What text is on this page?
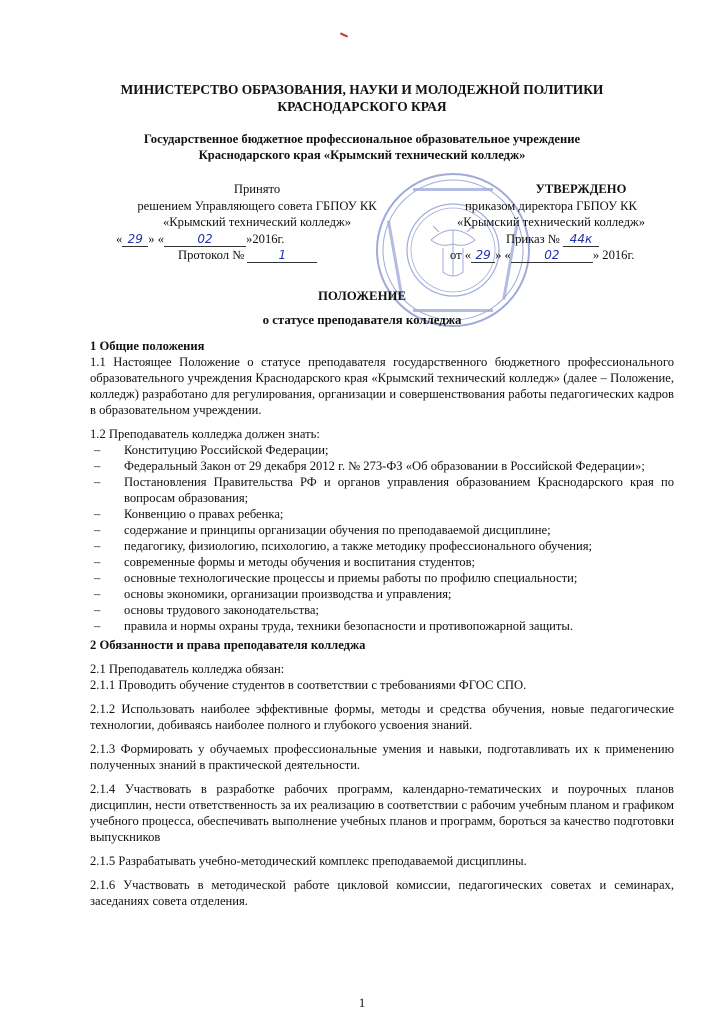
МИНИСТЕРСТВО ОБРАЗОВАНИЯ, НАУКИ И МОЛОДЕЖНОЙ ПОЛИТИКИ
КРАСНОДАРСКОГО КРАЯ
Государственное бюджетное профессиональное образовательное учреждение
Краснодарского края «Крымский технический колледж»
Принято
решением Управляющего совета ГБПОУ КК
«Крымский технический колледж»
« 29 » «	02	»2016г.
Протокол №	1
УТВЕРЖДЕНО
приказом директора ГБПОУ КК
«Крымский технический колледж»
Приказ № 44к
от « 29 » «	02	» 2016г.
ПОЛОЖЕНИЕ
о статусе преподавателя колледжа

1 Общие положения

1.1 Настоящее Положение о статусе преподавателя государственного бюджетного профессионального образовательного учреждения Краснодарского края «Крымский технический колледж» (далее – Положение, колледж) разработано для регулирования, организации и совершенствования работы педагогических кадров в образовательном учреждении.

1.2 Преподаватель колледжа должен знать:

– Конституцию Российской Федерации;
– Федеральный Закон от 29 декабря 2012 г. № 273-ФЗ «Об образовании в Российской Федерации»;
– Постановления Правительства РФ и органов управления образованием Краснодарского края по вопросам образования;
– Конвенцию о правах ребенка;
– содержание и принципы организации обучения по преподаваемой дисциплине;
– педагогику, физиологию, психологию, а также методику профессионального обучения;
– современные формы и методы обучения и воспитания студентов;
– основные технологические процессы и приемы работы по профилю специальности;
– основы экономики, организации производства и управления;
– основы трудового законодательства;
– правила и нормы охраны труда, техники безопасности и противопожарной защиты.

2 Обязанности и права преподавателя колледжа

2.1 Преподаватель колледжа обязан:

2.1.1 Проводить обучение студентов в соответствии с требованиями ФГОС СПО.

2.1.2 Использовать наиболее эффективные формы, методы и средства обучения, новые педагогические технологии, добиваясь наиболее полного и глубокого усвоения знаний.

2.1.3 Формировать у обучаемых профессиональные умения и навыки, подготавливать их к применению полученных знаний в практической деятельности.

2.1.4 Участвовать в разработке рабочих программ, календарно-тематических и поурочных планов дисциплин, нести ответственность за их реализацию в соответствии с рабочим учебным планом и графиком учебного процесса, обеспечивать выполнение учебных планов и программ, бороться за качество подготовки выпускников

2.1.5 Разрабатывать учебно-методический комплекс преподаваемой дисциплины.

2.1.6 Участвовать в методической работе цикловой комиссии, педагогических советах и семинарах, заседаниях совета отделения.

1
